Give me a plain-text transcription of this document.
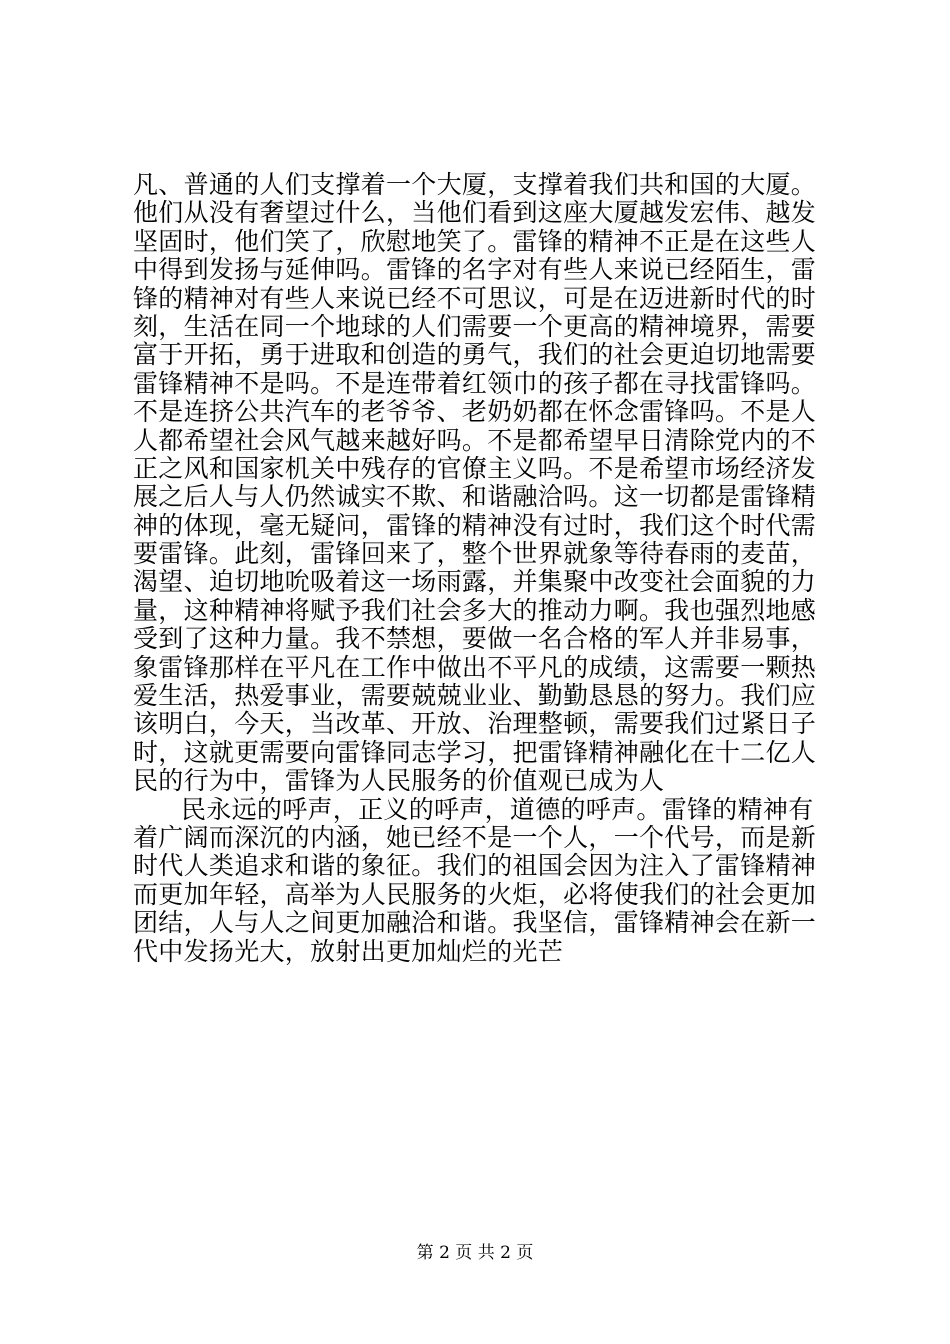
凡、普通的人们支撑着一个大厦，支撑着我们共和国的大厦。
他们从没有奢望过什么，当他们看到这座大厦越发宏伟、越发
坚固时，他们笑了，欣慰地笑了。雷锋的精神不正是在这些人
中得到发扬与延伸吗。雷锋的名字对有些人来说已经陌生，雷
锋的精神对有些人来说已经不可思议，可是在迈进新时代的时
刻，生活在同一个地球的人们需要一个更高的精神境界，需要
富于开拓，勇于进取和创造的勇气，我们的社会更迫切地需要
雷锋精神不是吗。不是连带着红领巾的孩子都在寻找雷锋吗。
不是连挤公共汽车的老爷爷、老奶奶都在怀念雷锋吗。不是人
人都希望社会风气越来越好吗。不是都希望早日清除党内的不
正之风和国家机关中残存的官僚主义吗。不是希望市场经济发
展之后人与人仍然诚实不欺、和谐融洽吗。这一切都是雷锋精
神的体现，毫无疑问，雷锋的精神没有过时，我们这个时代需
要雷锋。此刻，雷锋回来了，整个世界就象等待春雨的麦苗，
渴望、迫切地吮吸着这一场雨露，并集聚中改变社会面貌的力
量，这种精神将赋予我们社会多大的推动力啊。我也强烈地感
受到了这种力量。我不禁想，要做一名合格的军人并非易事，
象雷锋那样在平凡在工作中做出不平凡的成绩，这需要一颗热
爱生活，热爱事业，需要兢兢业业、勤勤恳恳的努力。我们应
该明白，今天，当改革、开放、治理整顿，需要我们过紧日子
时，这就更需要向雷锋同志学习，把雷锋精神融化在十二亿人
民的行为中，雷锋为人民服务的价值观已成为人
民永远的呼声，正义的呼声，道德的呼声。雷锋的精神有
着广阔而深沉的内涵，她已经不是一个人，一个代号，而是新
时代人类追求和谐的象征。我们的祖国会因为注入了雷锋精神
而更加年轻，高举为人民服务的火炬，必将使我们的社会更加
团结，人与人之间更加融洽和谐。我坚信，雷锋精神会在新一
代中发扬光大，放射出更加灿烂的光芒
第 2 页 共 2 页
